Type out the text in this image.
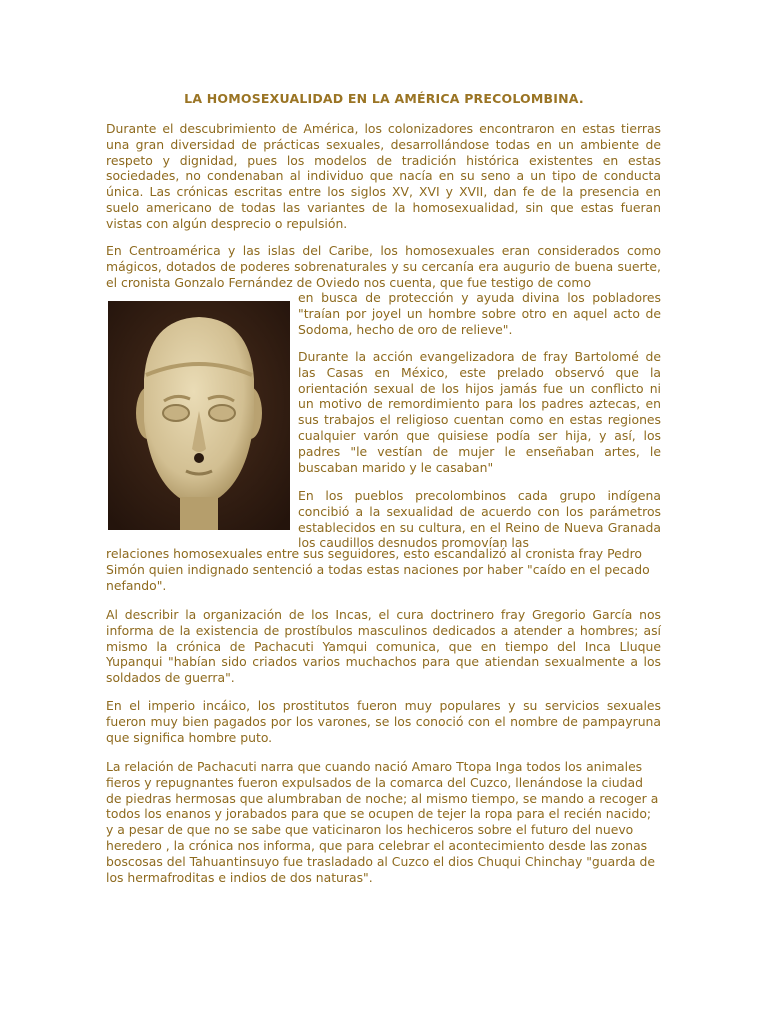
LA HOMOSEXUALIDAD EN LA AMÉRICA PRECOLOMBINA.
Durante el descubrimiento de América, los colonizadores encontraron en estas tierras una gran diversidad de prácticas sexuales, desarrollándose todas en un ambiente de respeto y dignidad, pues los modelos de tradición histórica existentes en estas sociedades, no condenaban al individuo que nacía en su seno a un tipo de conducta única. Las crónicas escritas entre los siglos XV, XVI y XVII, dan fe de la presencia en suelo americano de todas las variantes de la homosexualidad, sin que estas fueran vistas con algún desprecio o repulsión.
En Centroamérica y las islas del Caribe, los homosexuales eran considerados como mágicos, dotados de poderes sobrenaturales y su cercanía era augurio de buena suerte, el cronista Gonzalo Fernández de Oviedo nos cuenta, que fue testigo de como
en busca de protección y ayuda divina los pobladores "traían por joyel un hombre sobre otro en aquel acto de Sodoma, hecho de oro de relieve".
Durante la acción evangelizadora de fray Bartolomé de las Casas en México, este prelado observó que la orientación sexual de los hijos jamás fue un conflicto ni un motivo de remordimiento para los padres aztecas, en sus trabajos el religioso cuentan como en estas regiones cualquier varón que quisiese podía ser hija, y así, los padres "le vestían de mujer le enseñaban artes, le buscaban marido y le casaban"
En los pueblos precolombinos cada grupo indígena concibió a la sexualidad de acuerdo con los parámetros establecidos en su cultura, en el Reino de Nueva Granada los caudillos desnudos promovían las
relaciones homosexuales entre sus seguidores, esto escandalizó al cronista fray Pedro Simón quien indignado sentenció a todas estas naciones por haber "caído en el pecado nefando".
Al describir la organización de los Incas, el cura doctrinero fray Gregorio García nos informa de la existencia de prostíbulos masculinos dedicados a atender a hombres; así mismo la crónica de Pachacuti Yamqui comunica, que en tiempo del Inca Lluque Yupanqui "habían sido criados varios muchachos para que atiendan sexualmente a los soldados de guerra".
En el imperio incáico, los prostitutos fueron muy populares y su servicios sexuales fueron muy bien pagados por los varones, se los conoció con el nombre de pampayruna que significa hombre puto.
La relación de Pachacuti narra que cuando nació Amaro Ttopa Inga todos los animales fieros y repugnantes fueron expulsados de la comarca del Cuzco, llenándose la ciudad de piedras hermosas que alumbraban de noche; al mismo tiempo, se mando a recoger a todos los enanos y jorabados para que se ocupen de tejer la ropa para el recién nacido; y a pesar de que no se sabe que vaticinaron los hechiceros sobre el futuro del nuevo heredero , la crónica nos informa, que para celebrar el acontecimiento desde las zonas boscosas del Tahuantinsuyo fue trasladado al Cuzco el dios Chuqui Chinchay "guarda de los hermafroditas e indios de dos naturas".
